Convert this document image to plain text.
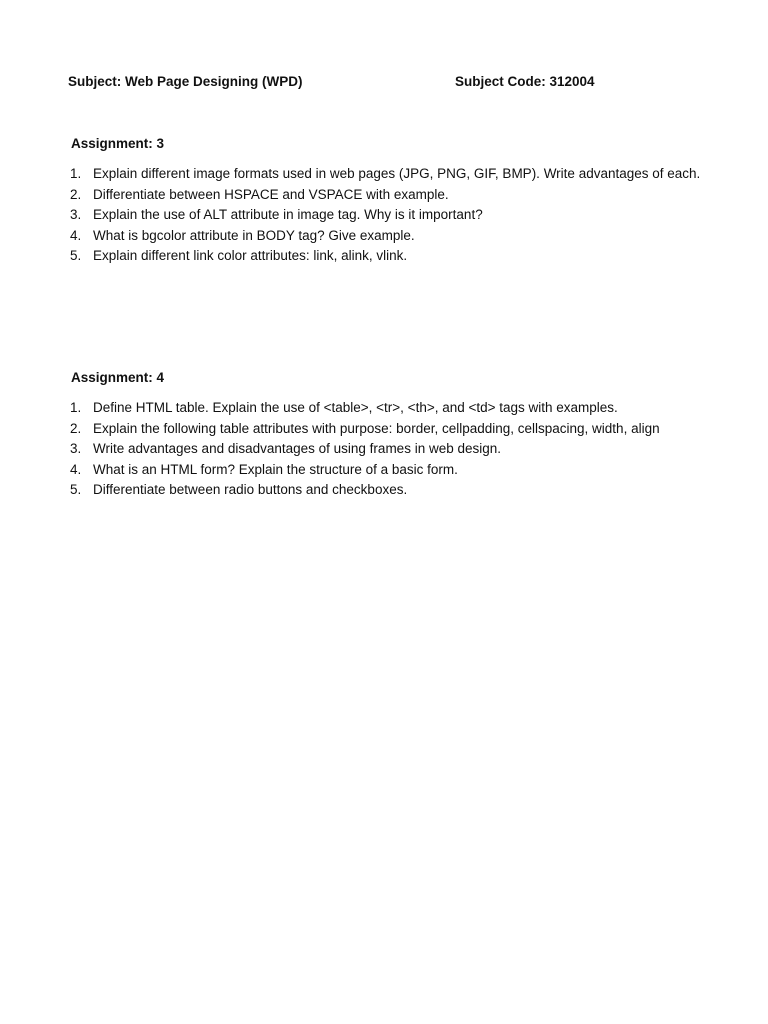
Subject: Web Page Designing (WPD)	Subject Code: 312004
Assignment: 3
1. Explain different image formats used in web pages (JPG, PNG, GIF, BMP). Write advantages of each.
2. Differentiate between HSPACE and VSPACE with example.
3. Explain the use of ALT attribute in image tag. Why is it important?
4. What is bgcolor attribute in BODY tag? Give example.
5. Explain different link color attributes: link, alink, vlink.
Assignment: 4
1. Define HTML table. Explain the use of <table>, <tr>, <th>, and <td> tags with examples.
2. Explain the following table attributes with purpose: border, cellpadding, cellspacing, width, align
3. Write advantages and disadvantages of using frames in web design.
4. What is an HTML form? Explain the structure of a basic form.
5. Differentiate between radio buttons and checkboxes.
